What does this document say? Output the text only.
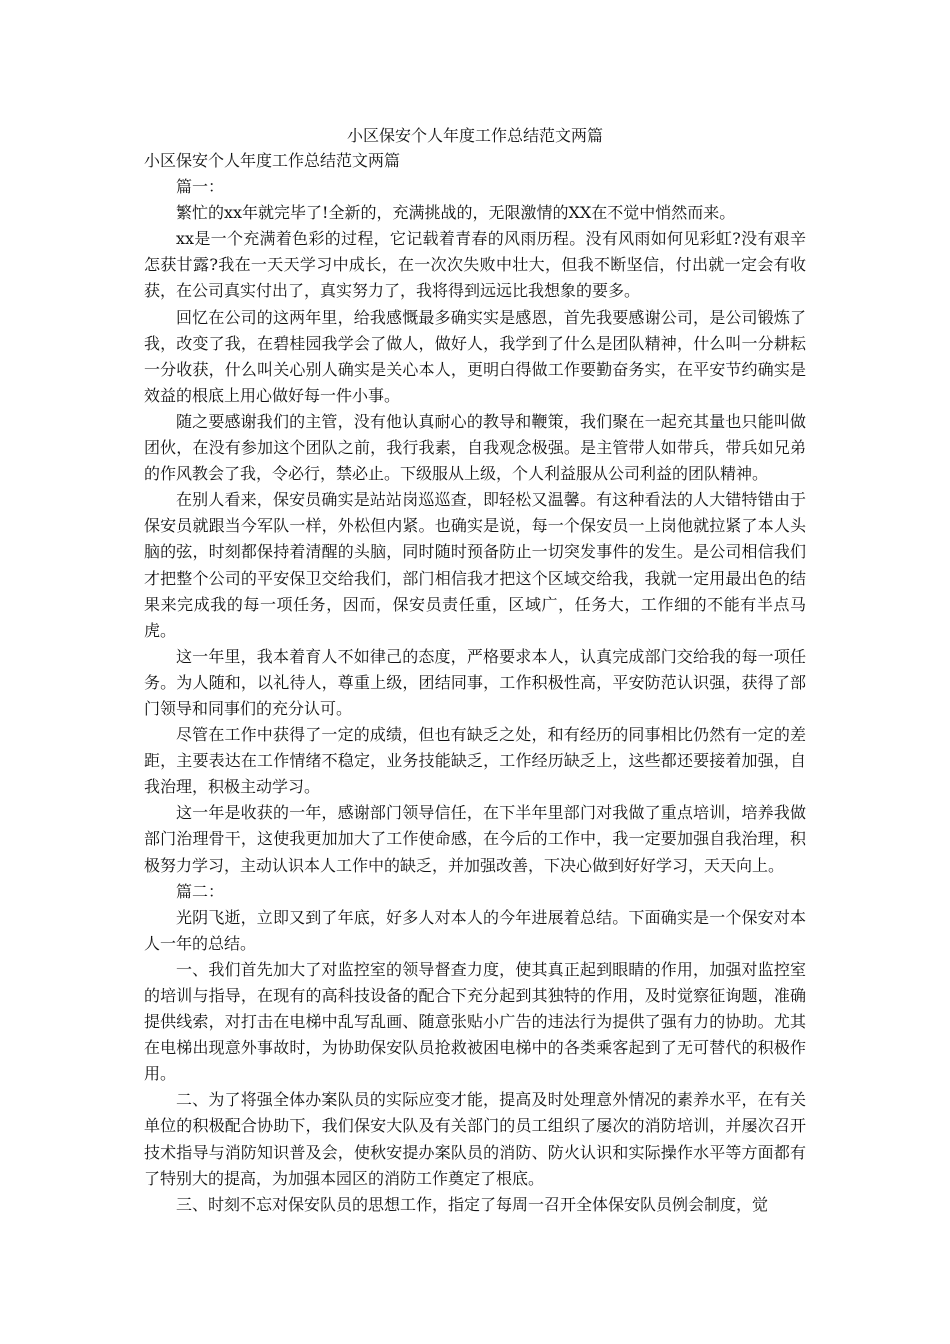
小区保安个人年度工作总结范文两篇

小区保安个人年度工作总结范文两篇

篇一：

繁忙的xx年就完毕了!全新的，充满挑战的，无限激情的XX在不觉中悄然而来。

xx是一个充满着色彩的过程，它记载着青春的风雨历程。没有风雨如何见彩虹?没有艰辛怎获甘露?我在一天天学习中成长，在一次次失败中壮大，但我不断坚信，付出就一定会有收获，在公司真实付出了，真实努力了，我将得到远远比我想象的要多。

回忆在公司的这两年里，给我感慨最多确实实是感恩，首先我要感谢公司，是公司锻炼了我，改变了我，在碧桂园我学会了做人，做好人，我学到了什么是团队精神，什么叫一分耕耘一分收获，什么叫关心别人确实是关心本人，更明白得做工作要勤奋务实，在平安节约确实是效益的根底上用心做好每一件小事。

随之要感谢我们的主管，没有他认真耐心的教导和鞭策，我们聚在一起充其量也只能叫做团伙，在没有参加这个团队之前，我行我素，自我观念极强。是主管带人如带兵，带兵如兄弟的作风教会了我，令必行，禁必止。下级服从上级，个人利益服从公司利益的团队精神。

在别人看来，保安员确实是站站岗巡巡查，即轻松又温馨。有这种看法的人大错特错由于保安员就跟当今军队一样，外松但内紧。也确实是说，每一个保安员一上岗他就拉紧了本人头脑的弦，时刻都保持着清醒的头脑，同时随时预备防止一切突发事件的发生。是公司相信我们才把整个公司的平安保卫交给我们，部门相信我才把这个区域交给我，我就一定用最出色的结果来完成我的每一项任务，因而，保安员责任重，区域广，任务大，工作细的不能有半点马虎。

这一年里，我本着育人不如律己的态度，严格要求本人，认真完成部门交给我的每一项任务。为人随和，以礼待人，尊重上级，团结同事，工作积极性高，平安防范认识强，获得了部门领导和同事们的充分认可。

尽管在工作中获得了一定的成绩，但也有缺乏之处，和有经历的同事相比仍然有一定的差距，主要表达在工作情绪不稳定，业务技能缺乏，工作经历缺乏上，这些都还要接着加强，自我治理，积极主动学习。

这一年是收获的一年，感谢部门领导信任，在下半年里部门对我做了重点培训，培养我做部门治理骨干，这使我更加加大了工作使命感，在今后的工作中，我一定要加强自我治理，积极努力学习，主动认识本人工作中的缺乏，并加强改善，下决心做到好好学习，天天向上。

篇二：

光阴飞逝，立即又到了年底，好多人对本人的今年进展着总结。下面确实是一个保安对本人一年的总结。

一、我们首先加大了对监控室的领导督查力度，使其真正起到眼睛的作用，加强对监控室的培训与指导，在现有的高科技设备的配合下充分起到其独特的作用，及时觉察征询题，准确提供线索，对打击在电梯中乱写乱画、随意张贴小广告的违法行为提供了强有力的协助。尤其在电梯出现意外事故时，为协助保安队员抢救被困电梯中的各类乘客起到了无可替代的积极作用。

二、为了将强全体办案队员的实际应变才能，提高及时处理意外情况的素养水平，在有关单位的积极配合协助下，我们保安大队及有关部门的员工组织了屡次的消防培训，并屡次召开技术指导与消防知识普及会，使秋安提办案队员的消防、防火认识和实际操作水平等方面都有了特别大的提高，为加强本园区的消防工作奠定了根底。

三、时刻不忘对保安队员的思想工作，指定了每周一召开全体保安队员例会制度，觉
